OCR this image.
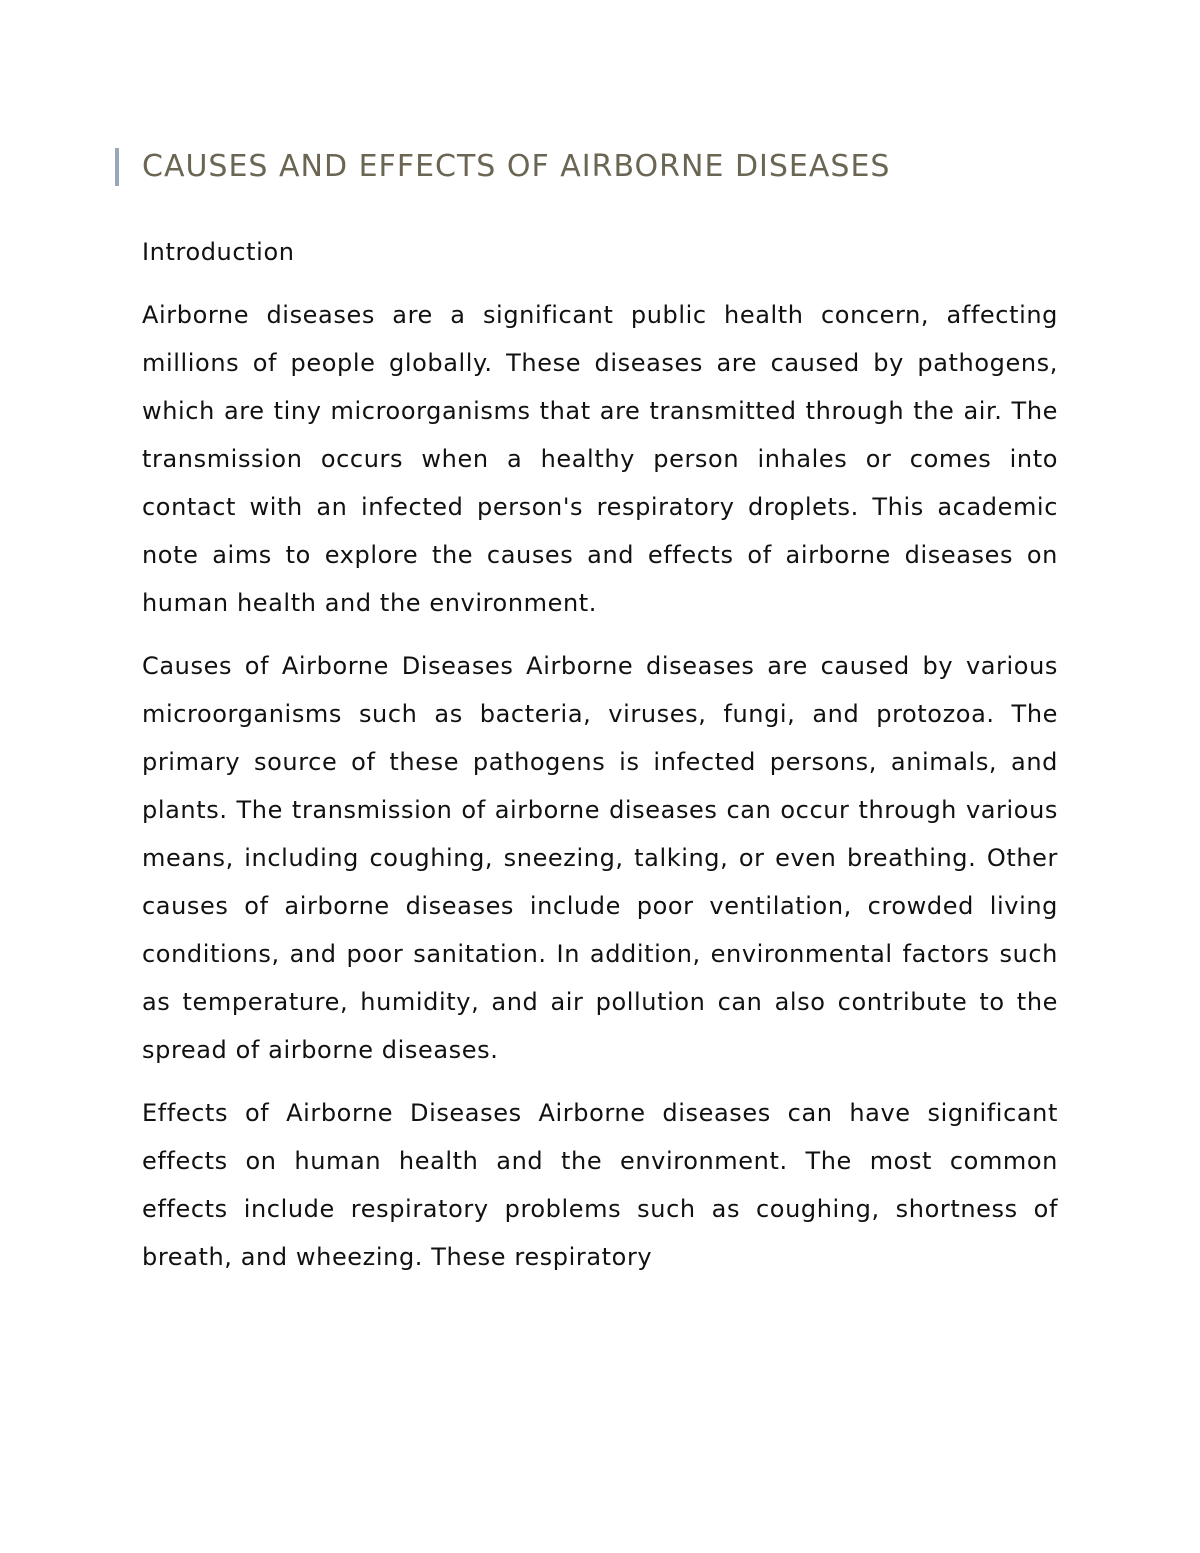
CAUSES AND EFFECTS OF AIRBORNE DISEASES

Introduction

Airborne diseases are a significant public health concern, affecting millions of people globally. These diseases are caused by pathogens, which are tiny microorganisms that are transmitted through the air. The transmission occurs when a healthy person inhales or comes into contact with an infected person's respiratory droplets. This academic note aims to explore the causes and effects of airborne diseases on human health and the environment.

Causes of Airborne Diseases Airborne diseases are caused by various microorganisms such as bacteria, viruses, fungi, and protozoa. The primary source of these pathogens is infected persons, animals, and plants. The transmission of airborne diseases can occur through various means, including coughing, sneezing, talking, or even breathing. Other causes of airborne diseases include poor ventilation, crowded living conditions, and poor sanitation. In addition, environmental factors such as temperature, humidity, and air pollution can also contribute to the spread of airborne diseases.

Effects of Airborne Diseases Airborne diseases can have significant effects on human health and the environment. The most common effects include respiratory problems such as coughing, shortness of breath, and wheezing. These respiratory
